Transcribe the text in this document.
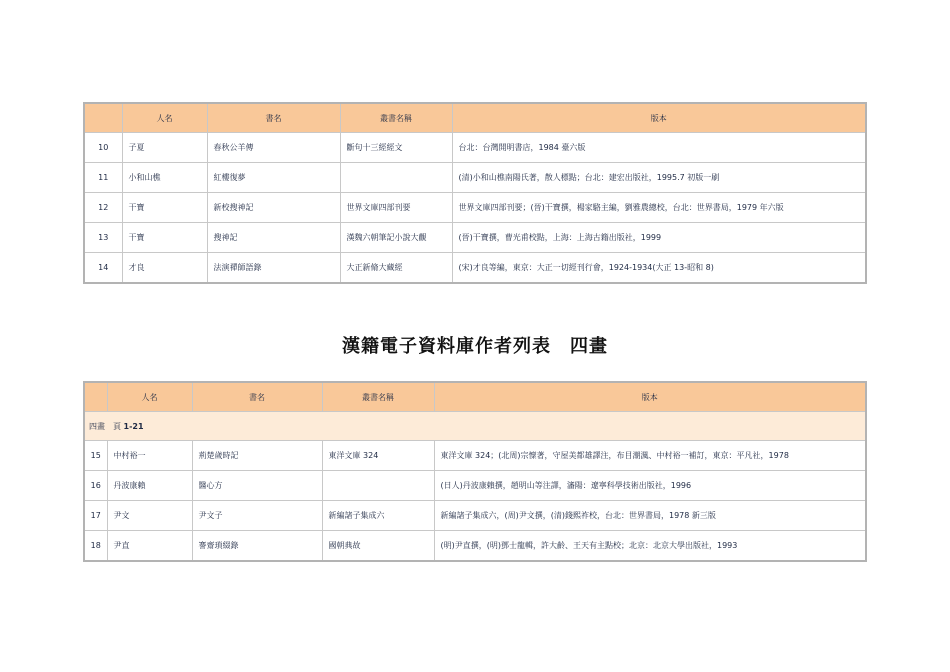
	人名	書名	叢書名稱	版本
10	子夏	春秋公羊傳	斷句十三經經文	台北：台灣開明書店，1984 臺六版
11	小和山樵	紅樓復夢		(清)小和山樵南陽氏著，散人標點；台北：建宏出版社，1995.7 初版一刷
12	干寶	新校搜神記	世界文庫四部刊要	世界文庫四部刊要；(晉)干寶撰，楊家駱主編，劉雅農總校，台北：世界書局，1979 年六版
13	干寶	搜神記	漢魏六朝筆記小說大觀	(晉)干寶撰，曹光甫校點，上海：上海古籍出版社，1999
14	才良	法演禪師語錄	大正新脩大藏經	(宋)才良等編，東京：大正一切經刊行會，1924-1934(大正 13-昭和 8)
漢籍電子資料庫作者列表　四畫
	人名	書名	叢書名稱	版本
四畫　頁 1-21				
15	中村裕一	荊楚歲時記	東洋文庫 324	東洋文庫 324；(北周)宗懍著，守屋美都雄譯注，布目潮渢、中村裕一補訂，東京：平凡社，1978
16	丹波康賴	醫心方		(日人)丹波康賴撰，趙明山等注譯，瀋陽：遼寧科學技術出版社，1996
17	尹文	尹文子	新編諸子集成六	新編諸子集成六，(周)尹文撰，(清)錢熙祚校，台北：世界書局，1978 新三版
18	尹直	謇齋瑣綴錄	國朝典故	(明)尹直撰，(明)鄧士龍輯，許大齡、王天有主點校；北京：北京大學出版社，1993
